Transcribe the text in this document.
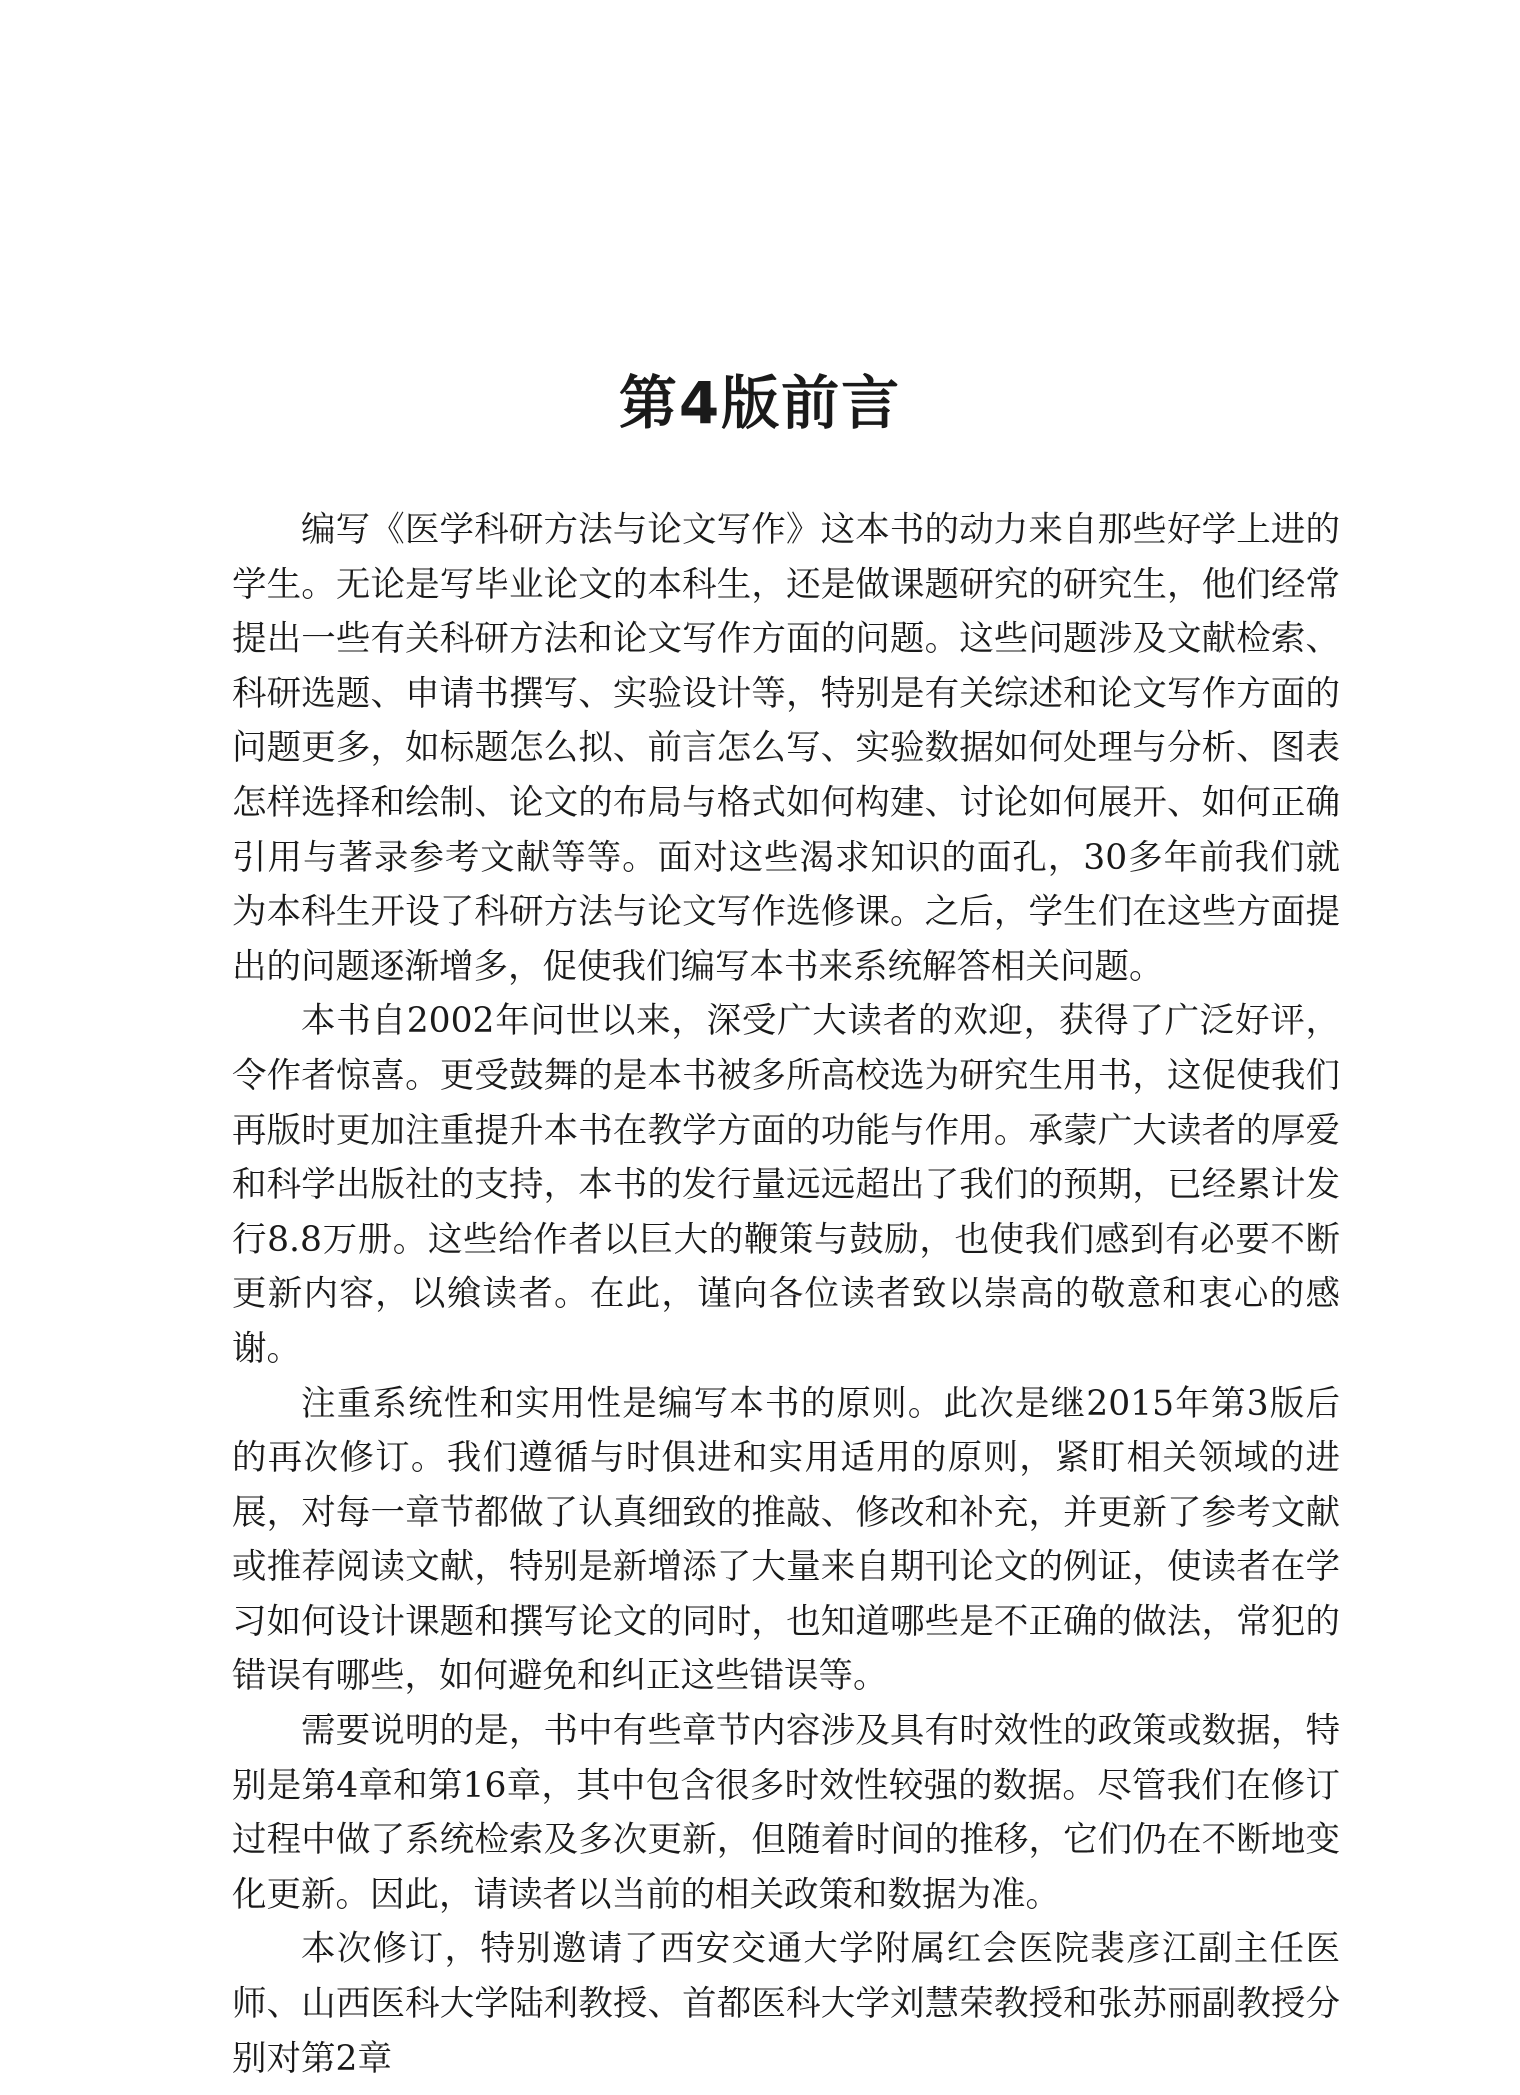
第4版前言

编写《医学科研方法与论文写作》这本书的动力来自那些好学上进的学生。无论是写毕业论文的本科生，还是做课题研究的研究生，他们经常提出一些有关科研方法和论文写作方面的问题。这些问题涉及文献检索、科研选题、申请书撰写、实验设计等，特别是有关综述和论文写作方面的问题更多，如标题怎么拟、前言怎么写、实验数据如何处理与分析、图表怎样选择和绘制、论文的布局与格式如何构建、讨论如何展开、如何正确引用与著录参考文献等等。面对这些渴求知识的面孔，30多年前我们就为本科生开设了科研方法与论文写作选修课。之后，学生们在这些方面提出的问题逐渐增多，促使我们编写本书来系统解答相关问题。

本书自2002年问世以来，深受广大读者的欢迎，获得了广泛好评，令作者惊喜。更受鼓舞的是本书被多所高校选为研究生用书，这促使我们再版时更加注重提升本书在教学方面的功能与作用。承蒙广大读者的厚爱和科学出版社的支持，本书的发行量远远超出了我们的预期，已经累计发行8.8万册。这些给作者以巨大的鞭策与鼓励，也使我们感到有必要不断更新内容，以飨读者。在此，谨向各位读者致以崇高的敬意和衷心的感谢。

注重系统性和实用性是编写本书的原则。此次是继2015年第3版后的再次修订。我们遵循与时俱进和实用适用的原则，紧盯相关领域的进展，对每一章节都做了认真细致的推敲、修改和补充，并更新了参考文献或推荐阅读文献，特别是新增添了大量来自期刊论文的例证，使读者在学习如何设计课题和撰写论文的同时，也知道哪些是不正确的做法，常犯的错误有哪些，如何避免和纠正这些错误等。

需要说明的是，书中有些章节内容涉及具有时效性的政策或数据，特别是第4章和第16章，其中包含很多时效性较强的数据。尽管我们在修订过程中做了系统检索及多次更新，但随着时间的推移，它们仍在不断地变化更新。因此，请读者以当前的相关政策和数据为准。

本次修订，特别邀请了西安交通大学附属红会医院裴彦江副主任医师、山西医科大学陆利教授、首都医科大学刘慧荣教授和张苏丽副教授分别对第2章
